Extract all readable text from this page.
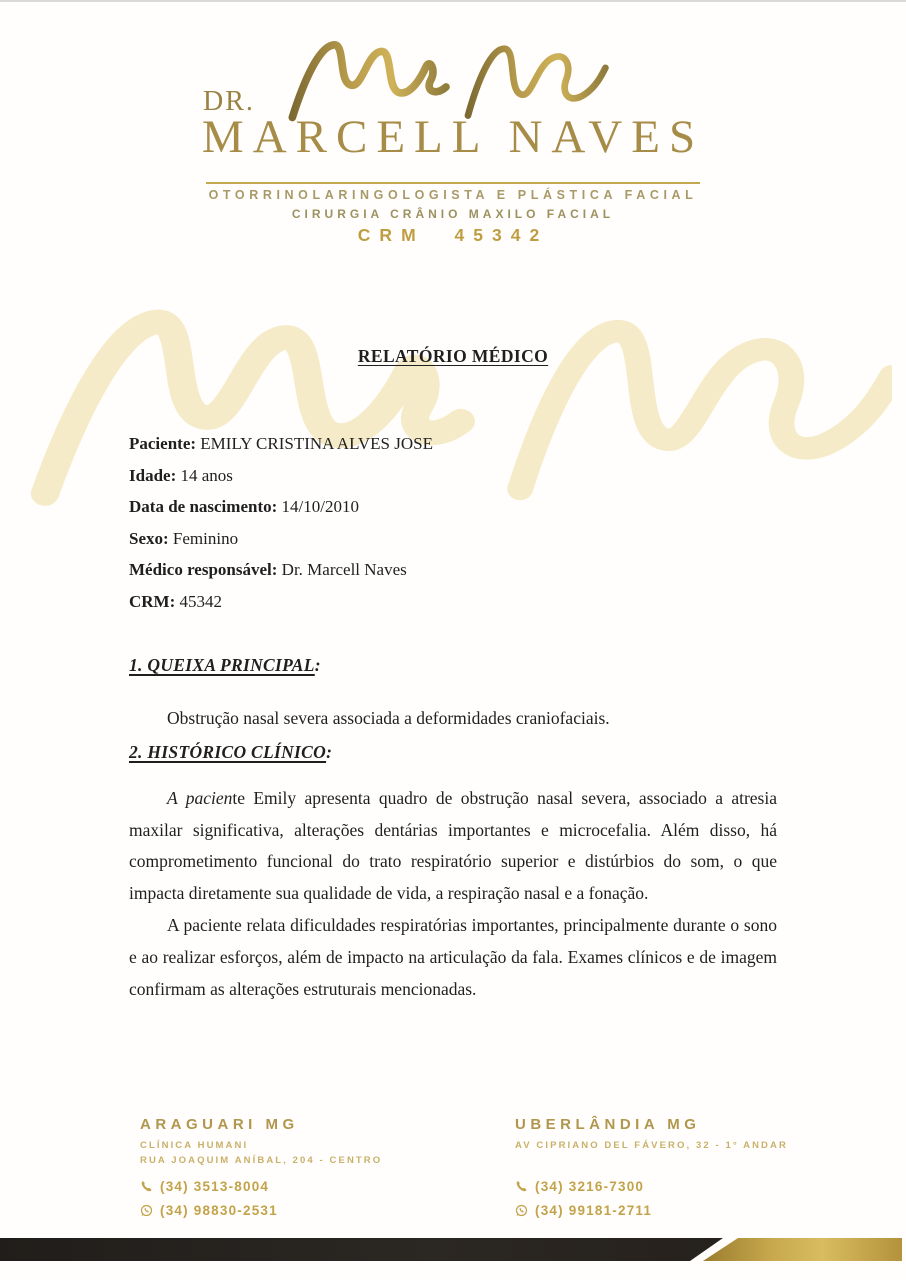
DR.
MARCELL NAVES
OTORRINOLARINGOLOGISTA E PLÁSTICA FACIAL
CIRURGIA CRÂNIO MAXILO FACIAL
CRM 45342
RELATÓRIO MÉDICO
Paciente: EMILY CRISTINA ALVES JOSE
Idade: 14 anos
Data de nascimento: 14/10/2010
Sexo: Feminino
Médico responsável: Dr. Marcell Naves
CRM: 45342
1. QUEIXA PRINCIPAL:

Obstrução nasal severa associada a deformidades craniofaciais.

2. HISTÓRICO CLÍNICO:

A paciente Emily apresenta quadro de obstrução nasal severa, associado a atresia maxilar significativa, alterações dentárias importantes e microcefalia. Além disso, há comprometimento funcional do trato respiratório superior e distúrbios do som, o que impacta diretamente sua qualidade de vida, a respiração nasal e a fonação.

A paciente relata dificuldades respiratórias importantes, principalmente durante o sono e ao realizar esforços, além de impacto na articulação da fala. Exames clínicos e de imagem confirmam as alterações estruturais mencionadas.

ARAGUARI MG
CLÍNICA HUMANI
RUA JOAQUIM ANÍBAL, 204 - CENTRO
(34) 3513-8004
(34) 98830-2531
UBERLÂNDIA MG
AV CIPRIANO DEL FÁVERO, 32 - 1° ANDAR
(34) 3216-7300
(34) 99181-2711
